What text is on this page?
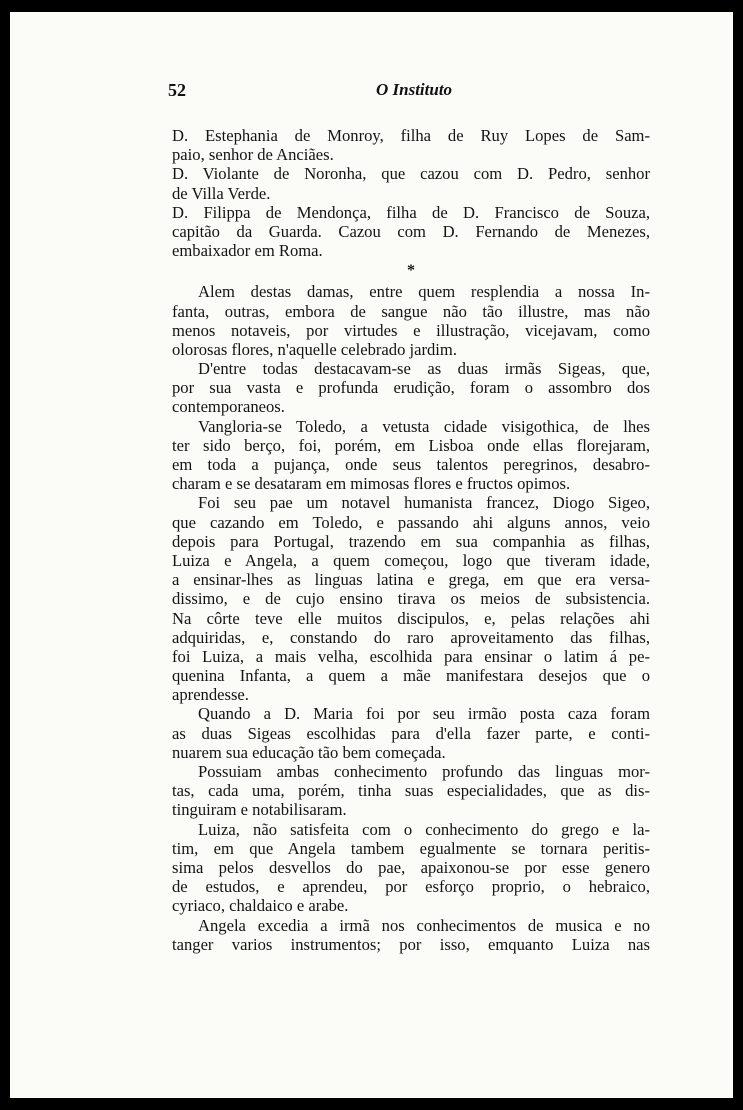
52	O Instituto
D. Estephania de Monroy, filha de Ruy Lopes de Sam-
paio, senhor de Anciães.
D. Violante de Noronha, que cazou com D. Pedro, senhor
de Villa Verde.
D. Filippa de Mendonça, filha de D. Francisco de Souza,
capitão da Guarda. Cazou com D. Fernando de Menezes,
embaixador em Roma.
*
Alem destas damas, entre quem resplendia a nossa In-
fanta, outras, embora de sangue não tão illustre, mas não
menos notaveis, por virtudes e illustração, vicejavam, como
olorosas flores, n'aquelle celebrado jardim.
D'entre todas destacavam-se as duas irmãs Sigeas, que,
por sua vasta e profunda erudição, foram o assombro dos
contemporaneos.
Vangloria-se Toledo, a vetusta cidade visigothica, de lhes
ter sido berço, foi, porém, em Lisboa onde ellas florejaram,
em toda a pujança, onde seus talentos peregrinos, desabro-
charam e se desataram em mimosas flores e fructos opimos.
Foi seu pae um notavel humanista francez, Diogo Sigeo,
que cazando em Toledo, e passando ahi alguns annos, veio
depois para Portugal, trazendo em sua companhia as filhas,
Luiza e Angela, a quem começou, logo que tiveram idade,
a ensinar-lhes as linguas latina e grega, em que era versa-
dissimo, e de cujo ensino tirava os meios de subsistencia.
Na côrte teve elle muitos discipulos, e, pelas relações ahi
adquiridas, e, constando do raro aproveitamento das filhas,
foi Luiza, a mais velha, escolhida para ensinar o latim á pe-
quenina Infanta, a quem a mãe manifestara desejos que o
aprendesse.
Quando a D. Maria foi por seu irmão posta caza foram
as duas Sigeas escolhidas para d'ella fazer parte, e conti-
nuarem sua educação tão bem começada.
Possuiam ambas conhecimento profundo das linguas mor-
tas, cada uma, porém, tinha suas especialidades, que as dis-
tinguiram e notabilisaram.
Luiza, não satisfeita com o conhecimento do grego e la-
tim, em que Angela tambem egualmente se tornara peritis-
sima pelos desvellos do pae, apaixonou-se por esse genero
de estudos, e aprendeu, por esforço proprio, o hebraico,
cyriaco, chaldaico e arabe.
Angela excedia a irmã nos conhecimentos de musica e no
tanger varios instrumentos; por isso, emquanto Luiza nas
